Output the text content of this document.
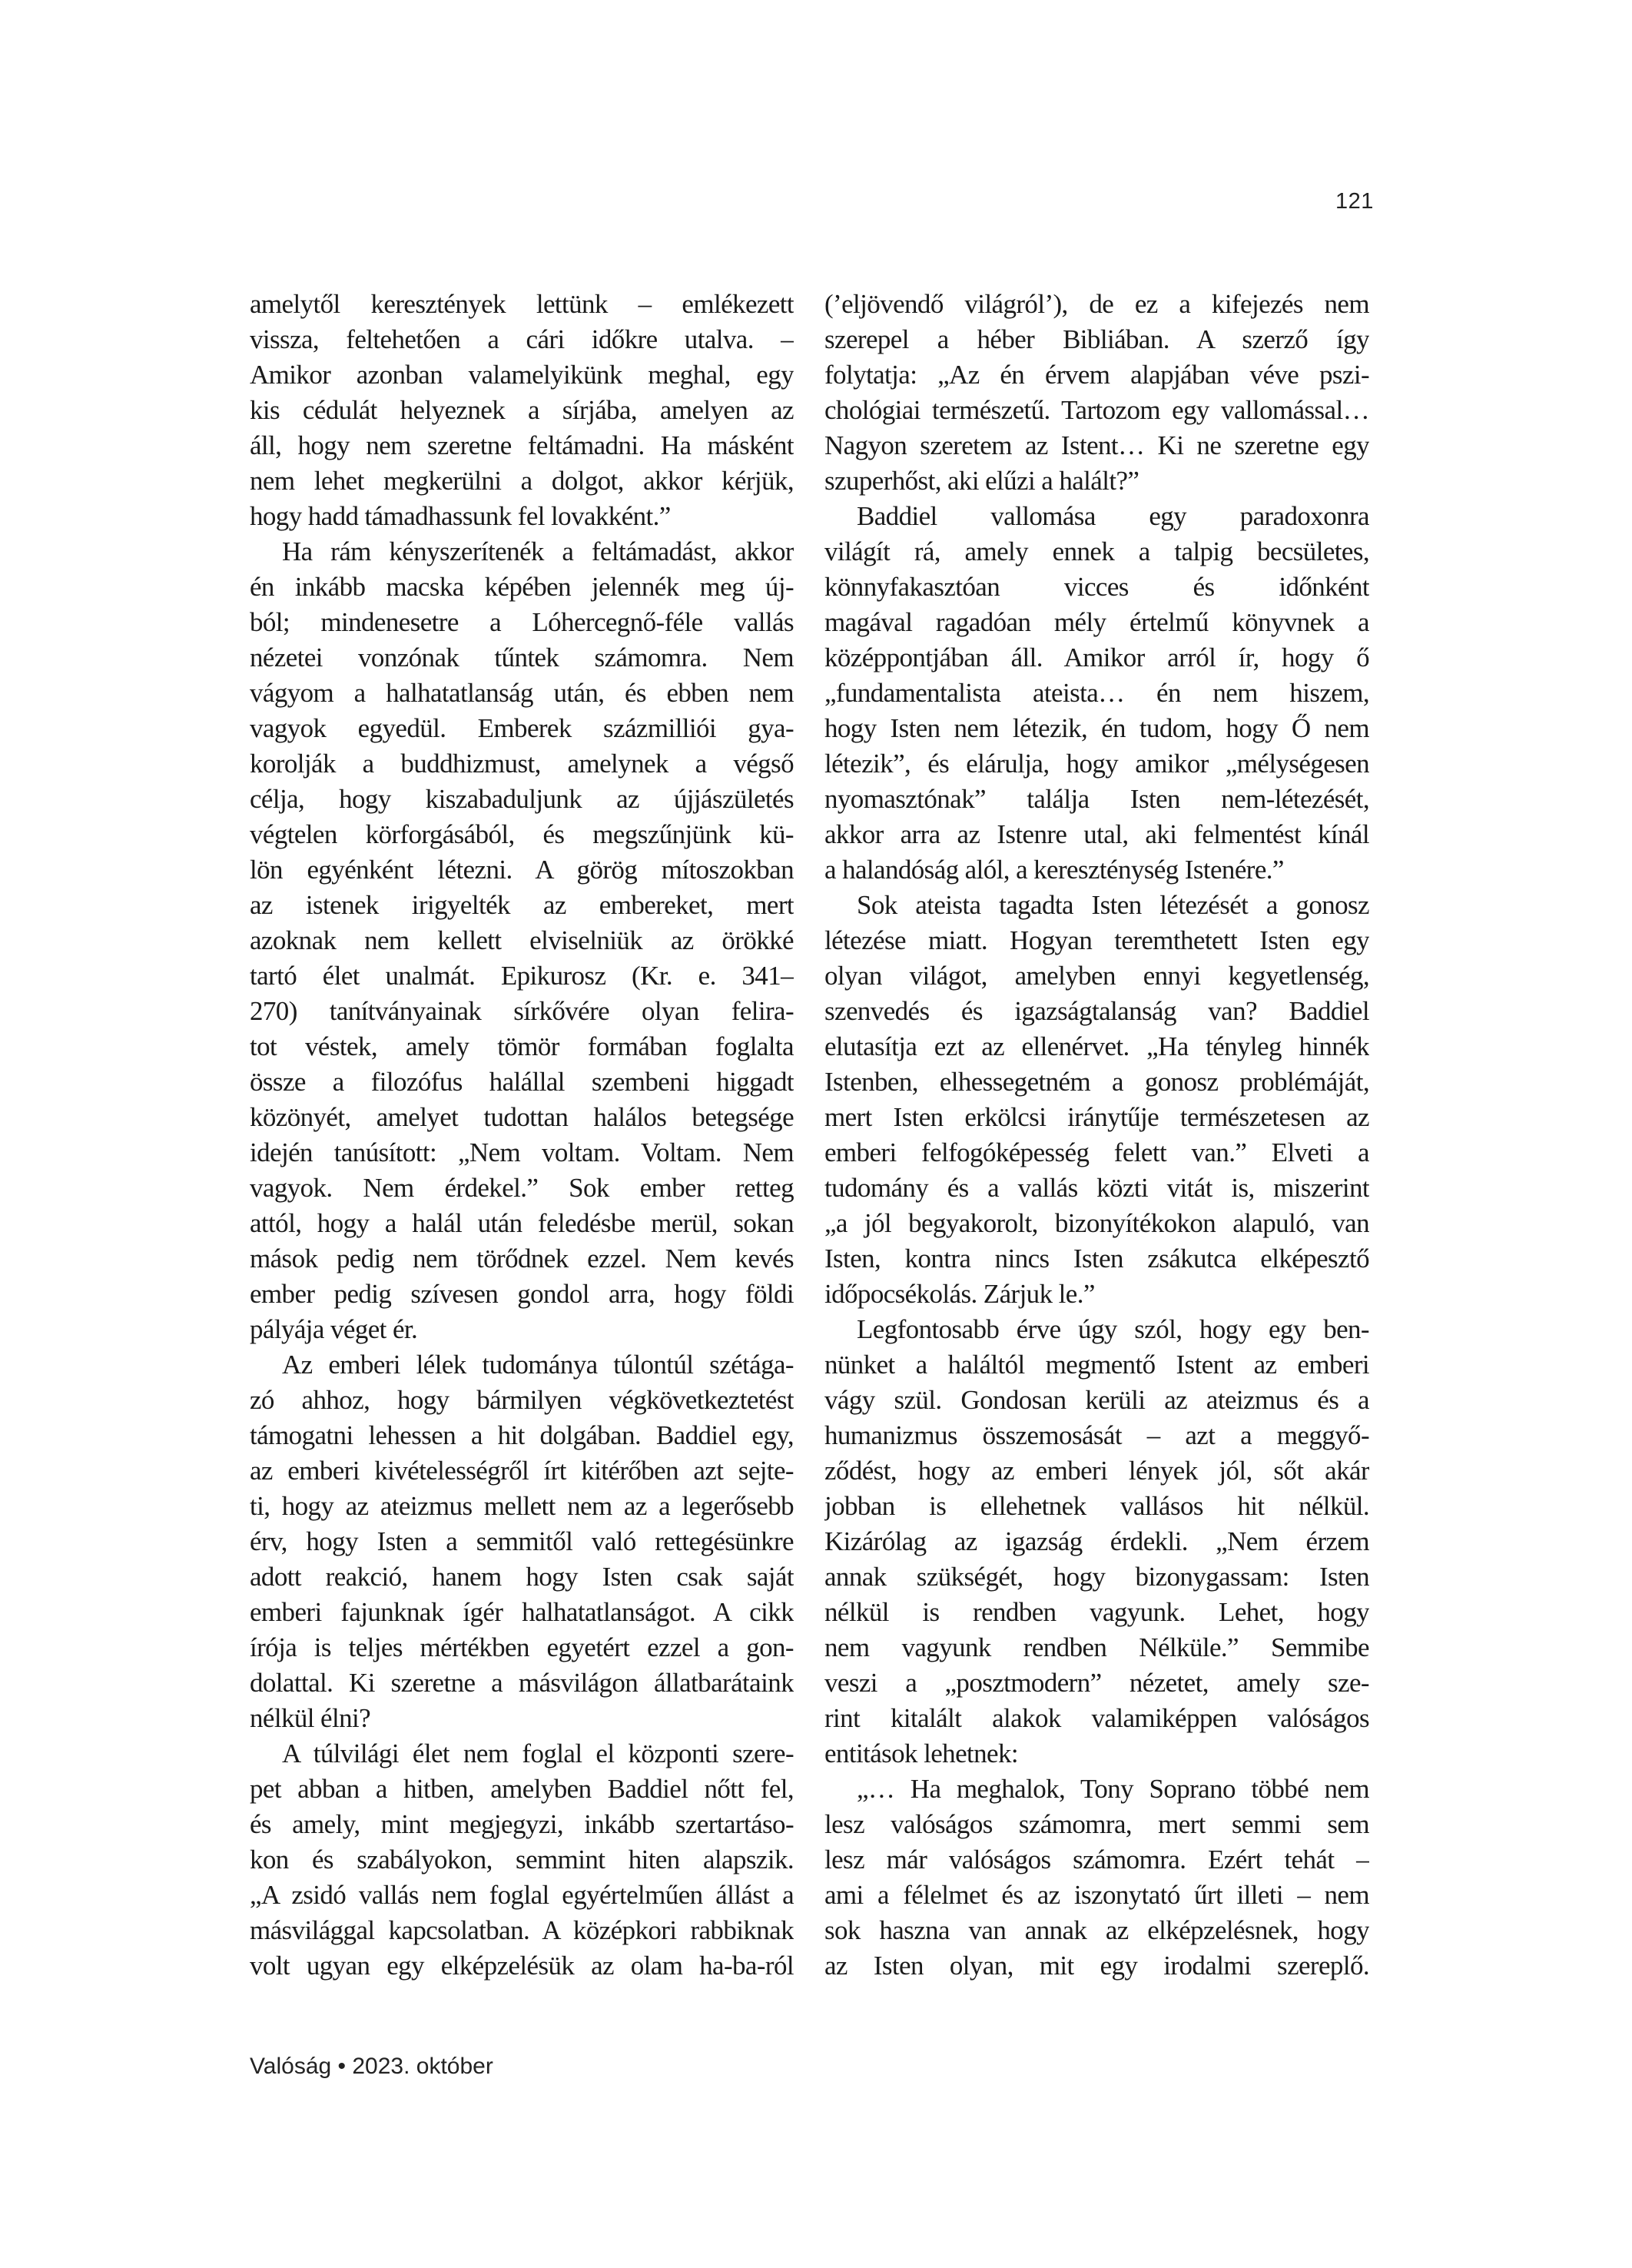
121
amelytől keresztények lettünk – emlékezett
vissza, feltehetően a cári időkre utalva. –
Amikor azonban valamelyikünk meghal, egy
kis cédulát helyeznek a sírjába, amelyen az
áll, hogy nem szeretne feltámadni. Ha másként
nem lehet megkerülni a dolgot, akkor kérjük,
hogy hadd támadhassunk fel lovakként.”
Ha rám kényszerítenék a feltámadást, akkor
én inkább macska képében jelennék meg új-
ból; mindenesetre a Lóhercegnő-féle vallás
nézetei vonzónak tűntek számomra. Nem
vágyom a halhatatlanság után, és ebben nem
vagyok egyedül. Emberek százmilliói gya-
korolják a buddhizmust, amelynek a végső
célja, hogy kiszabaduljunk az újjászületés
végtelen körforgásából, és megszűnjünk kü-
lön egyénként létezni. A görög mítoszokban
az istenek irigyelték az embereket, mert
azoknak nem kellett elviselniük az örökké
tartó élet unalmát. Epikurosz (Kr. e. 341–
270) tanítványainak sírkővére olyan felira-
tot véstek, amely tömör formában foglalta
össze a filozófus halállal szembeni higgadt
közönyét, amelyet tudottan halálos betegsége
idején tanúsított: „Nem voltam. Voltam. Nem
vagyok. Nem érdekel.” Sok ember retteg
attól, hogy a halál után feledésbe merül, sokan
mások pedig nem törődnek ezzel. Nem kevés
ember pedig szívesen gondol arra, hogy földi
pályája véget ér.
Az emberi lélek tudománya túlontúl szétága-
zó ahhoz, hogy bármilyen végkövetkeztetést
támogatni lehessen a hit dolgában. Baddiel egy,
az emberi kivételességről írt kitérőben azt sejte-
ti, hogy az ateizmus mellett nem az a legerősebb
érv, hogy Isten a semmitől való rettegésünkre
adott reakció, hanem hogy Isten csak saját
emberi fajunknak ígér halhatatlanságot. A cikk
írója is teljes mértékben egyetért ezzel a gon-
dolattal. Ki szeretne a másvilágon állatbarátaink
nélkül élni?
A túlvilági élet nem foglal el központi szere-
pet abban a hitben, amelyben Baddiel nőtt fel,
és amely, mint megjegyzi, inkább szertartáso-
kon és szabályokon, semmint hiten alapszik.
„A zsidó vallás nem foglal egyértelműen állást a
másvilággal kapcsolatban. A középkori rabbiknak
volt ugyan egy elképzelésük az olam ha-ba-ról
(’eljövendő világról’), de ez a kifejezés nem
szerepel a héber Bibliában. A szerző így
folytatja: „Az én érvem alapjában véve pszi-
chológiai természetű. Tartozom egy vallomással…
Nagyon szeretem az Istent… Ki ne szeretne egy
szuperhőst, aki elűzi a halált?”
Baddiel vallomása egy paradoxonra
világít rá, amely ennek a talpig becsületes,
könnyfakasztóan vicces és időnként
magával ragadóan mély értelmű könyvnek a
középpontjában áll. Amikor arról ír, hogy ő
„fundamentalista ateista… én nem hiszem,
hogy Isten nem létezik, én tudom, hogy Ő nem
létezik”, és elárulja, hogy amikor „mélységesen
nyomasztónak” találja Isten nem-létezését,
akkor arra az Istenre utal, aki felmentést kínál
a halandóság alól, a kereszténység Istenére.”
Sok ateista tagadta Isten létezését a gonosz
létezése miatt. Hogyan teremthetett Isten egy
olyan világot, amelyben ennyi kegyetlenség,
szenvedés és igazságtalanság van? Baddiel
elutasítja ezt az ellenérvet. „Ha tényleg hinnék
Istenben, elhessegetném a gonosz problémáját,
mert Isten erkölcsi iránytűje természetesen az
emberi felfogóképesség felett van.” Elveti a
tudomány és a vallás közti vitát is, miszerint
„a jól begyakorolt, bizonyítékokon alapuló, van
Isten, kontra nincs Isten zsákutca elképesztő
időpocsékolás. Zárjuk le.”
Legfontosabb érve úgy szól, hogy egy ben-
nünket a haláltól megmentő Istent az emberi
vágy szül. Gondosan kerüli az ateizmus és a
humanizmus összemosását – azt a meggyő-
ződést, hogy az emberi lények jól, sőt akár
jobban is ellehetnek vallásos hit nélkül.
Kizárólag az igazság érdekli. „Nem érzem
annak szükségét, hogy bizonygassam: Isten
nélkül is rendben vagyunk. Lehet, hogy
nem vagyunk rendben Nélküle.” Semmibe
veszi a „posztmodern” nézetet, amely sze-
rint kitalált alakok valamiképpen valóságos
entitások lehetnek:
„… Ha meghalok, Tony Soprano többé nem
lesz valóságos számomra, mert semmi sem
lesz már valóságos számomra. Ezért tehát –
ami a félelmet és az iszonytató űrt illeti – nem
sok haszna van annak az elképzelésnek, hogy
az Isten olyan, mit egy irodalmi szereplő.
Valóság • 2023. október
